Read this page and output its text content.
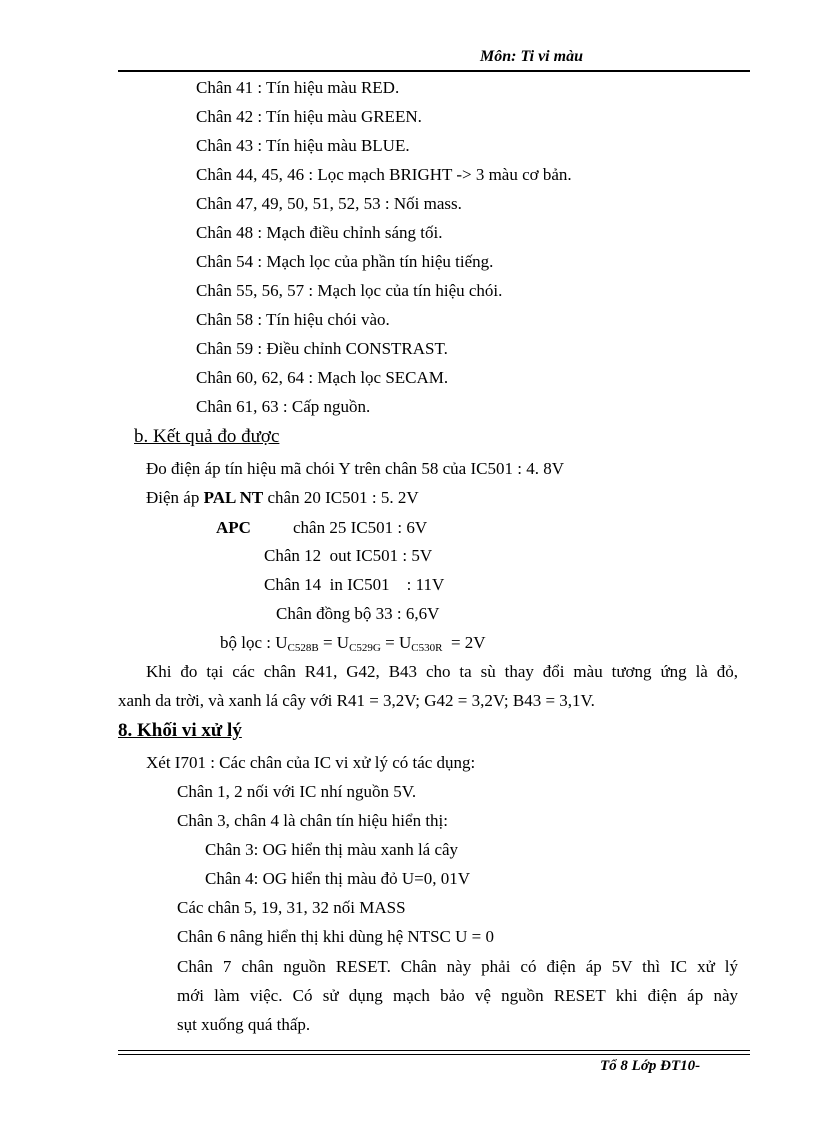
Môn: Ti vi màu
Chân 41 : Tín hiệu màu RED.
Chân 42 : Tín hiệu màu GREEN.
Chân 43 : Tín hiệu màu BLUE.
Chân 44, 45, 46 : Lọc mạch BRIGHT -> 3 màu cơ bản.
Chân 47, 49, 50, 51, 52, 53 : Nối mass.
Chân 48 : Mạch điều chỉnh sáng tối.
Chân 54 : Mạch lọc của phần tín hiệu tiếng.
Chân 55, 56, 57 : Mạch lọc của tín hiệu chói.
Chân 58 : Tín hiệu chói vào.
Chân 59 : Điều chỉnh CONSTRAST.
Chân 60, 62, 64 : Mạch lọc SECAM.
Chân 61, 63 : Cấp nguồn.
b. Kết quả đo được
Đo điện áp tín hiệu mã chói Y trên chân 58 của IC501 : 4. 8V
Điện áp PAL NT chân 20 IC501 : 5. 2V
APC chân 25 IC501 : 6V
Chân 12  out IC501 : 5V
Chân 14  in IC501    : 11V
Chân đồng bộ 33 : 6,6V
bộ lọc : $U_{C528B} = U_{C529G} = U_{C530R} = 2V$
Khi đo tại các chân R41, G42, B43 cho ta sù thay đổi màu tương ứng là đỏ,
xanh da trời, và xanh lá cây với R41 = 3,2V; G42 = 3,2V; B43 = 3,1V.
8. Khối vi xử lý
Xét I701 : Các chân của IC vi xử lý có tác dụng:
Chân 1, 2 nối với IC nhí nguồn 5V.
Chân 3, chân 4 là chân tín hiệu hiển thị:
Chân 3: OG hiển thị màu xanh lá cây
Chân 4: OG hiển thị màu đỏ U=0, 01V
Các chân 5, 19, 31, 32 nối MASS
Chân 6 nâng hiển thị khi dùng hệ NTSC U = 0
Chân 7 chân nguồn RESET. Chân này phải có điện áp 5V thì IC xử lý
mới làm việc. Có sử dụng mạch bảo vệ nguồn RESET khi điện áp này
sụt xuống quá thấp.
Tổ 8 Lớp ĐT10-
